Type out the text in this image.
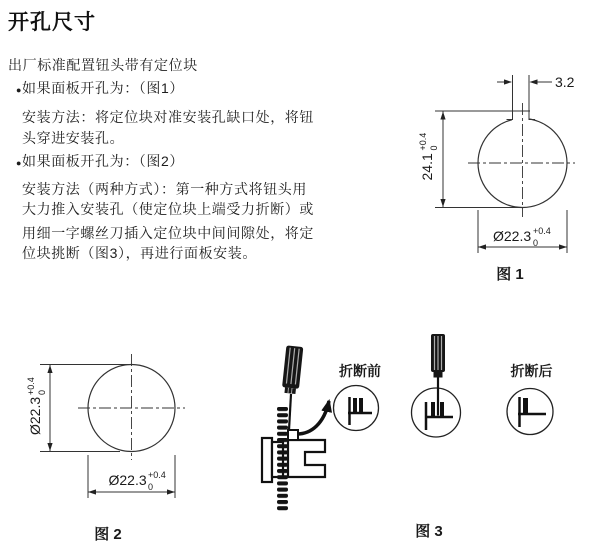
开孔尺寸
出厂标准配置钮头带有定位块
● 如果面板开孔为：（图1）
安装方法：将定位块对准安装孔缺口处，将钮
头穿进安装孔。
● 如果面板开孔为：（图2）
安装方法（两种方式）：第一种方式将钮头用
大力推入安装孔（使定位块上端受力折断）或
用细一字螺丝刀插入定位块中间间隙处，将定
位块挑断（图3），再进行面板安装。
3.2
24.1
+0.4 0
Ø22.3 +0.4
0
图 1
Ø22.3
+0.4 0
Ø22.3 +0.4
0
图 2
折断前	折断后
图 3
